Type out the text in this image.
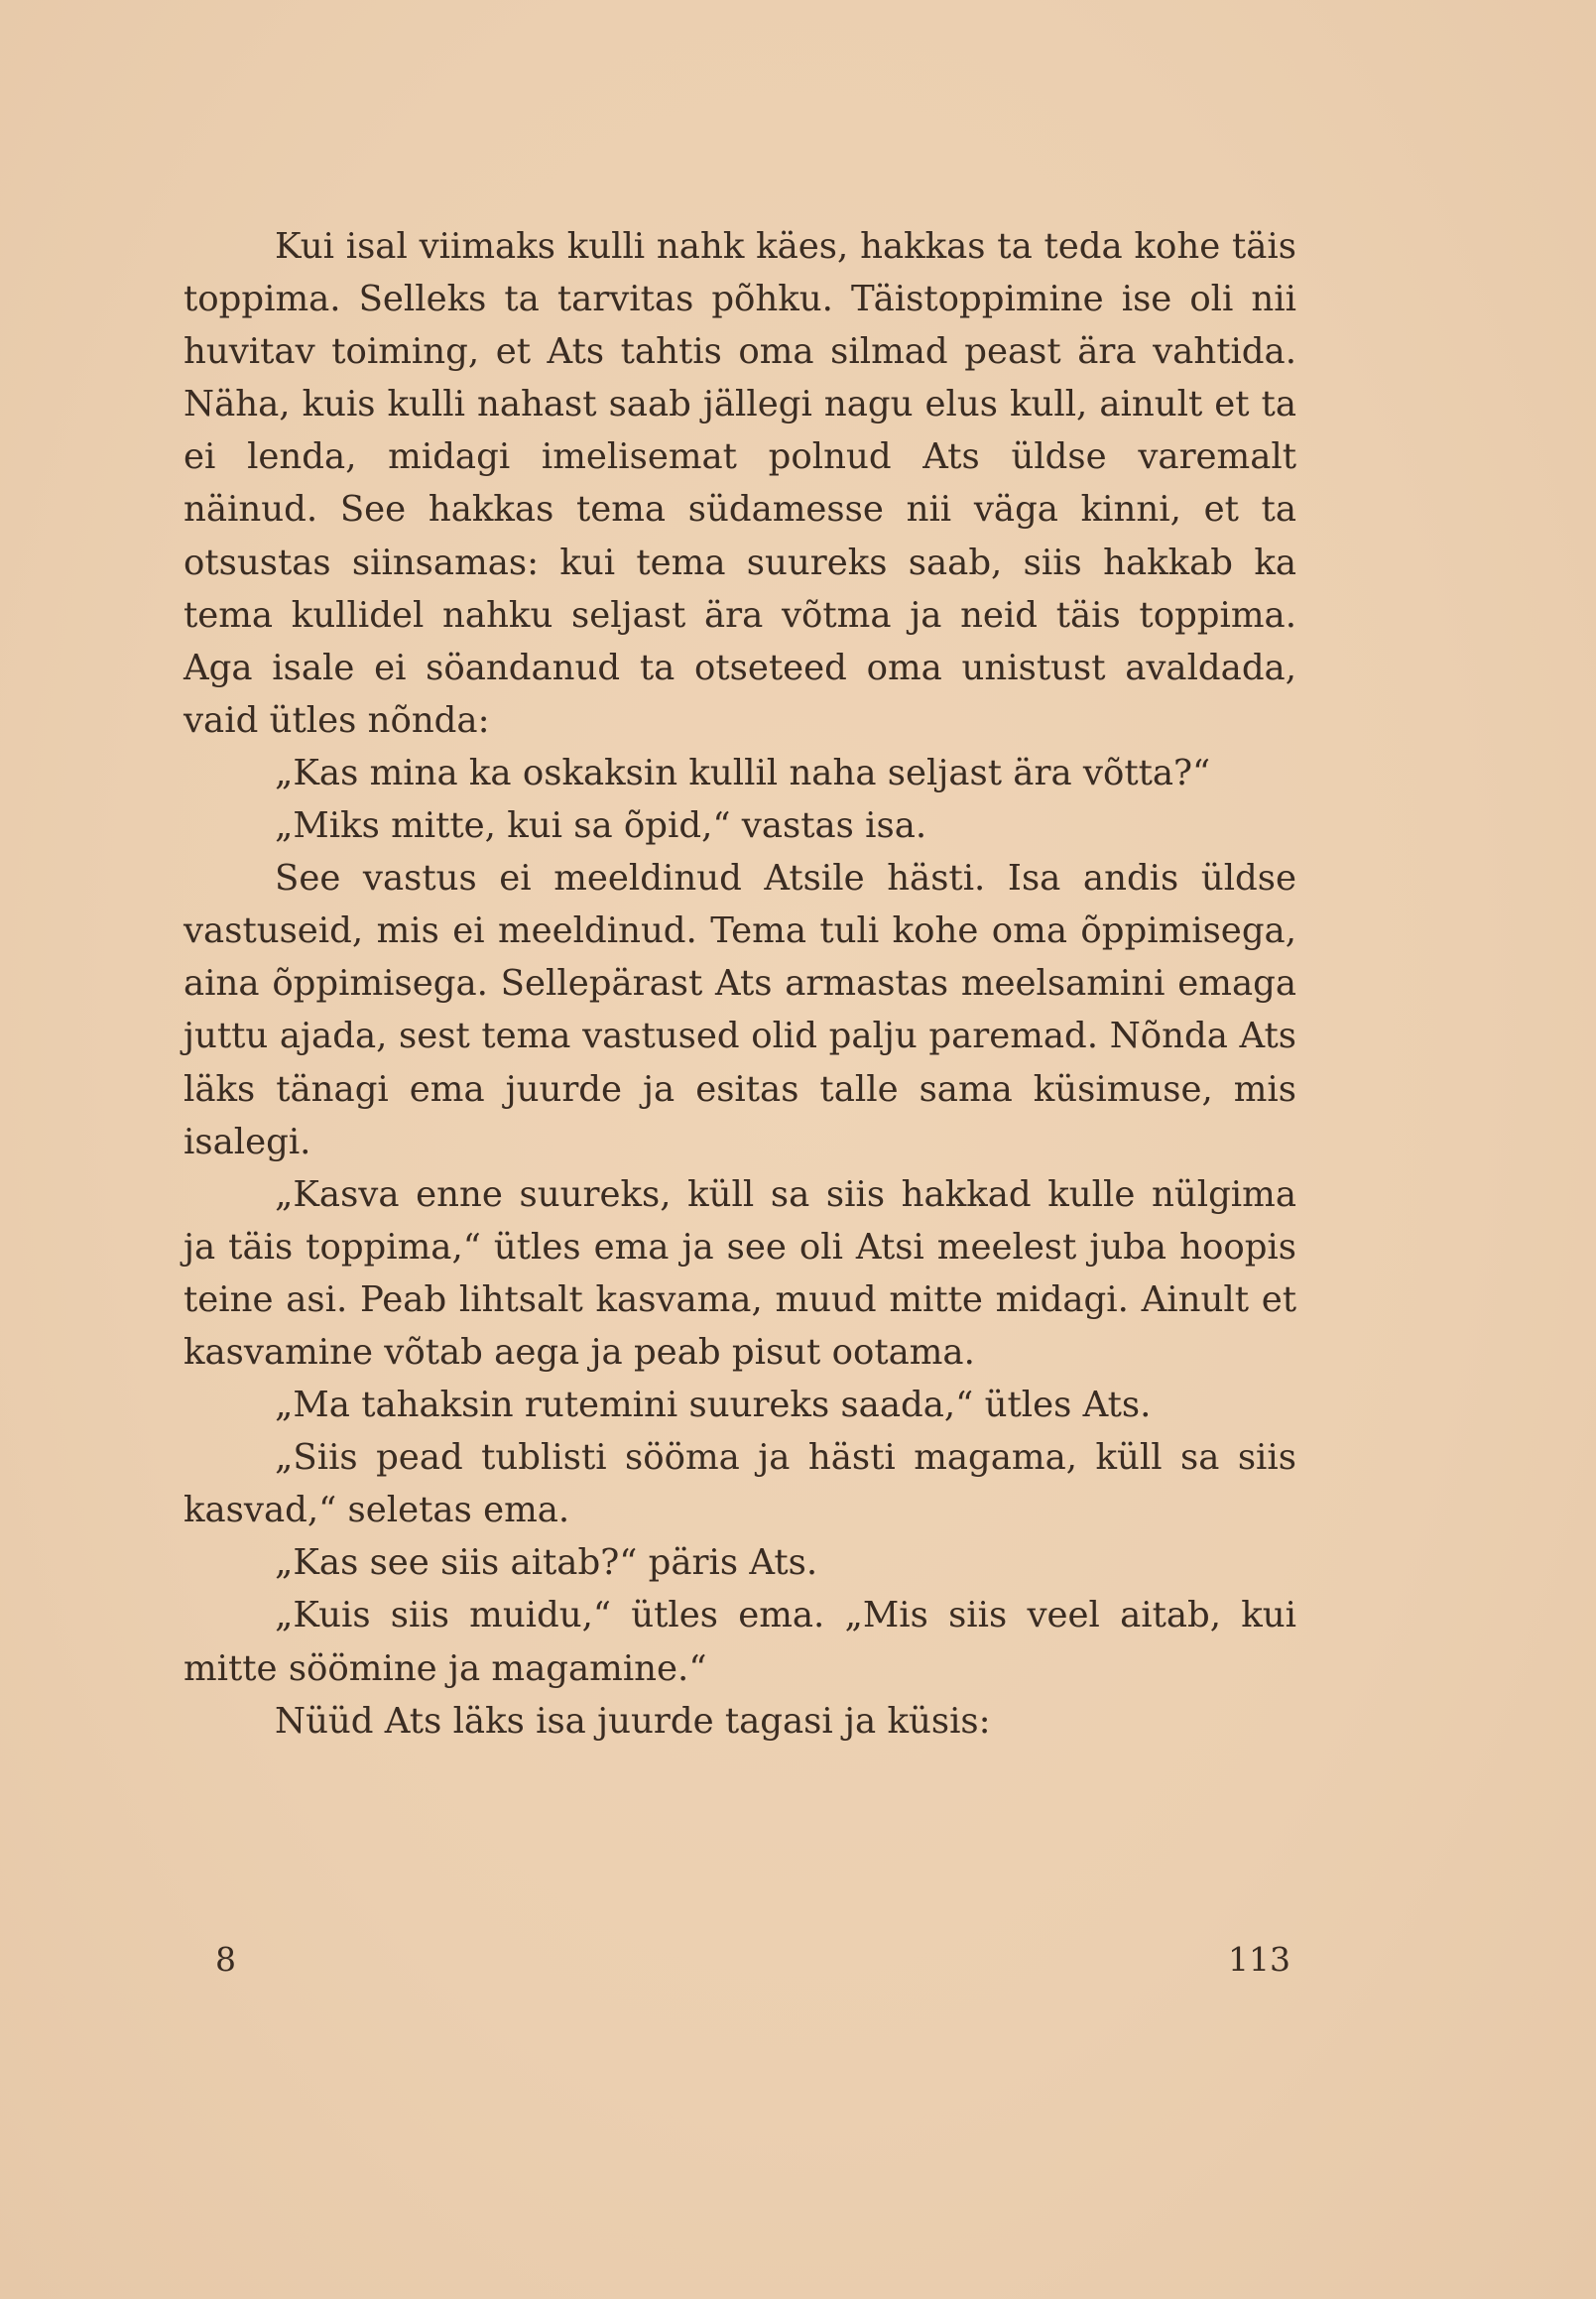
Kui isal viimaks kulli nahk käes, hakkas ta teda kohe täis toppima. Selleks ta tarvitas põhku. Täistoppimine ise oli nii huvitav toiming, et Ats tahtis oma silmad peast ära vahtida. Näha, kuis kulli nahast saab jällegi nagu elus kull, ainult et ta ei lenda, midagi imelisemat polnud Ats üldse varemalt näinud. See hakkas tema südamesse nii väga kinni, et ta otsustas siinsamas: kui tema suureks saab, siis hakkab ka tema kullidel nahku seljast ära võtma ja neid täis toppima. Aga isale ei söandanud ta otseteed oma unistust avaldada, vaid ütles nõnda:

„Kas mina ka oskaksin kullil naha seljast ära võtta?“

„Miks mitte, kui sa õpid,“ vastas isa.

See vastus ei meeldinud Atsile hästi. Isa andis üldse vastuseid, mis ei meeldinud. Tema tuli kohe oma õppimisega, aina õppimisega. Sellepärast Ats armastas meelsamini emaga juttu ajada, sest tema vastused olid palju paremad. Nõnda Ats läks tänagi ema juurde ja esitas talle sama küsimuse, mis isalegi.

„Kasva enne suureks, küll sa siis hakkad kulle nülgima ja täis toppima,“ ütles ema ja see oli Atsi meelest juba hoopis teine asi. Peab lihtsalt kasvama, muud mitte midagi. Ainult et kasvamine võtab aega ja peab pisut ootama.

„Ma tahaksin rutemini suureks saada,“ ütles Ats.

„Siis pead tublisti sööma ja hästi magama, küll sa siis kasvad,“ seletas ema.

„Kas see siis aitab?“ päris Ats.

„Kuis siis muidu,“ ütles ema. „Mis siis veel aitab, kui mitte söömine ja magamine.“

Nüüd Ats läks isa juurde tagasi ja küsis:

8	113
